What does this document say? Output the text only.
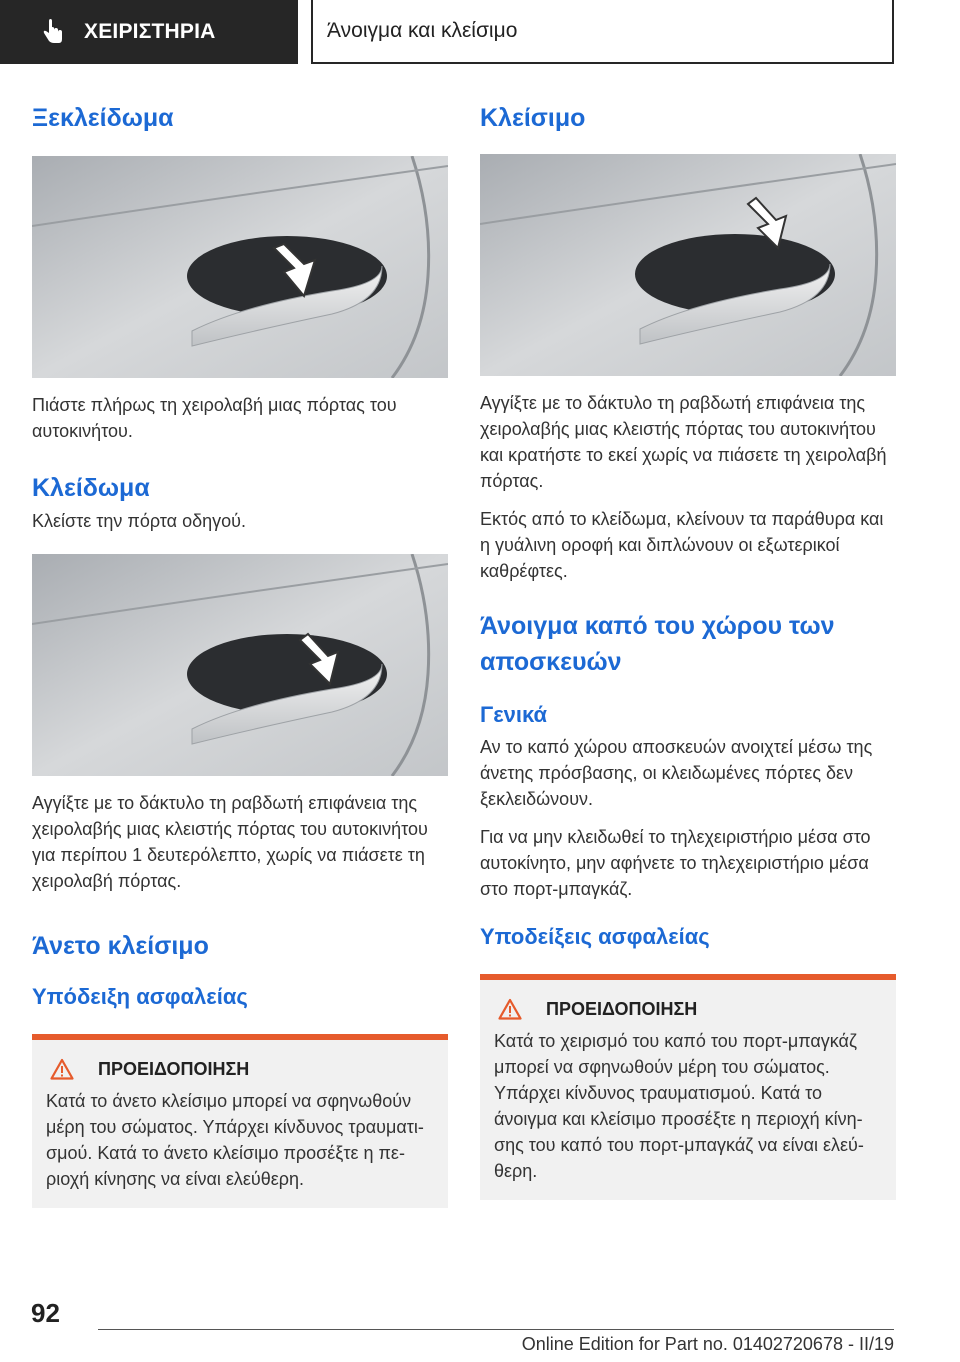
ΧΕΙΡΙΣΤΗΡΙΑ	Άνοιγμα και κλείσιμο
Ξεκλείδωμα

Πιάστε πλήρως τη χειρολαβή μιας πόρτας του αυτοκινήτου.

Κλείδωμα

Κλείστε την πόρτα οδηγού.

Αγγίξτε με το δάκτυλο τη ραβδωτή επιφάνεια της χειρολαβής μιας κλειστής πόρτας του αυτοκινήτου για περίπου 1 δευτερόλεπτο, χωρίς να πιάσετε τη χειρολαβή πόρτας.

Άνετο κλείσιμο
Υπόδειξη ασφαλείας
ΠΡΟΕΙΔΟΠΟΙΗΣΗ

Κατά το άνετο κλείσιμο μπορεί να σφηνωθούν μέρη του σώματος. Υπάρχει κίνδυνος τραυματισμού. Κατά το άνετο κλείσιμο προσέξτε η περιοχή κίνησης να είναι ελεύθερη.

Κλείσιμο

Αγγίξτε με το δάκτυλο τη ραβδωτή επιφάνεια της χειρολαβής μιας κλειστής πόρτας του αυτοκινήτου και κρατήστε το εκεί χωρίς να πιάσετε τη χειρολαβή πόρτας.

Εκτός από το κλείδωμα, κλείνουν τα παράθυρα και η γυάλινη οροφή και διπλώνουν οι εξωτερικοί καθρέφτες.

Άνοιγμα καπό του χώρου των αποσκευών
Γενικά

Αν το καπό χώρου αποσκευών ανοιχτεί μέσω της άνετης πρόσβασης, οι κλειδωμένες πόρτες δεν ξεκλειδώνουν.

Για να μην κλειδωθεί το τηλεχειριστήριο μέσα στο αυτοκίνητο, μην αφήνετε το τηλεχειριστήριο μέσα στο πορτ-μπαγκάζ.

Υποδείξεις ασφαλείας
ΠΡΟΕΙΔΟΠΟΙΗΣΗ

Κατά το χειρισμό του καπό του πορτ-μπαγκάζ μπορεί να σφηνωθούν μέρη του σώματος. Υπάρχει κίνδυνος τραυματισμού. Κατά το άνοιγμα και κλείσιμο προσέξτε η περιοχή κίνησης του καπό του πορτ-μπαγκάζ να είναι ελεύθερη.

92
Online Edition for Part no. 01402720678 - II/19
